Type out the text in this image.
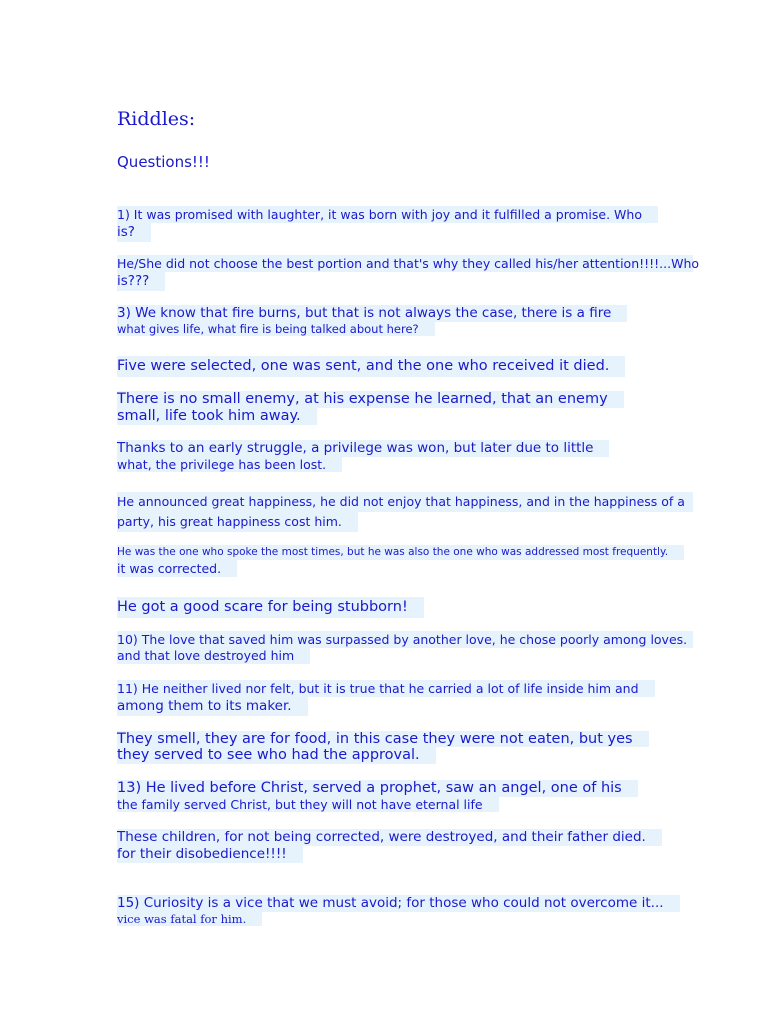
Riddles:
Questions!!!
1) It was promised with laughter, it was born with joy and it fulfilled a promise. Who
is?
He/She did not choose the best portion and that's why they called his/her attention!!!!...Who
is???
3) We know that fire burns, but that is not always the case, there is a fire
what gives life, what fire is being talked about here?
Five were selected, one was sent, and the one who received it died.
There is no small enemy, at his expense he learned, that an enemy
small, life took him away.
Thanks to an early struggle, a privilege was won, but later due to little
what, the privilege has been lost.
He announced great happiness, he did not enjoy that happiness, and in the happiness of a
party, his great happiness cost him.
He was the one who spoke the most times, but he was also the one who was addressed most frequently.
it was corrected.
He got a good scare for being stubborn!
10) The love that saved him was surpassed by another love, he chose poorly among loves.
and that love destroyed him
11) He neither lived nor felt, but it is true that he carried a lot of life inside him and
among them to its maker.
They smell, they are for food, in this case they were not eaten, but yes
they served to see who had the approval.
13) He lived before Christ, served a prophet, saw an angel, one of his
the family served Christ, but they will not have eternal life
These children, for not being corrected, were destroyed, and their father died.
for their disobedience!!!!
15) Curiosity is a vice that we must avoid; for those who could not overcome it...
vice was fatal for him.
